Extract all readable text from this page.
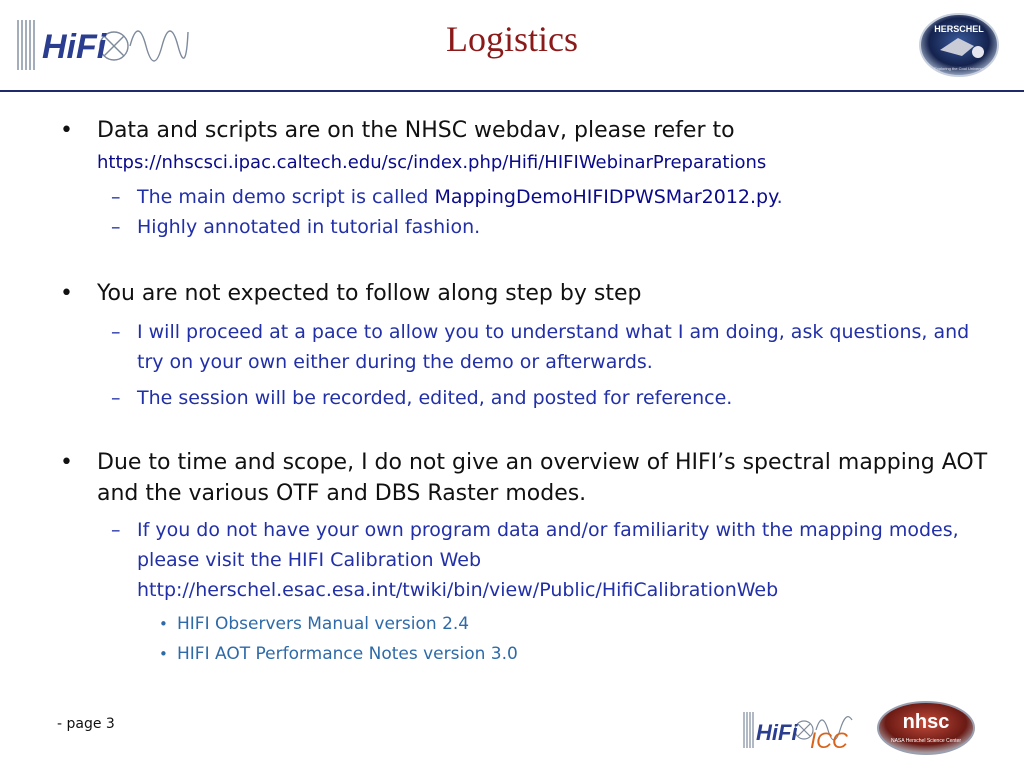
HiFi	Logistics	HERSCHEL
Exploring the Cool Universe
• Data and scripts are on the NHSC webdav, please refer to
https://nhscsci.ipac.caltech.edu/sc/index.php/Hifi/HIFIWebinarPreparations
– The main demo script is called MappingDemoHIFIDPWSMar2012.py.
– Highly annotated in tutorial fashion.
• You are not expected to follow along step by step
– I will proceed at a pace to allow you to understand what I am doing, ask questions, and try on your own either during the demo or afterwards.
– The session will be recorded, edited, and posted for reference.
• Due to time and scope, I do not give an overview of HIFI’s spectral mapping AOT and the various OTF and DBS Raster modes.
– If you do not have your own program data and/or familiarity with the mapping modes, please visit the HIFI Calibration Web
http://herschel.esac.esa.int/twiki/bin/view/Public/HifiCalibrationWeb
• HIFI Observers Manual version 2.4
• HIFI AOT Performance Notes version 3.0
- page 3	HiFi ICC
nhsc
NASA Herschel Science Center
